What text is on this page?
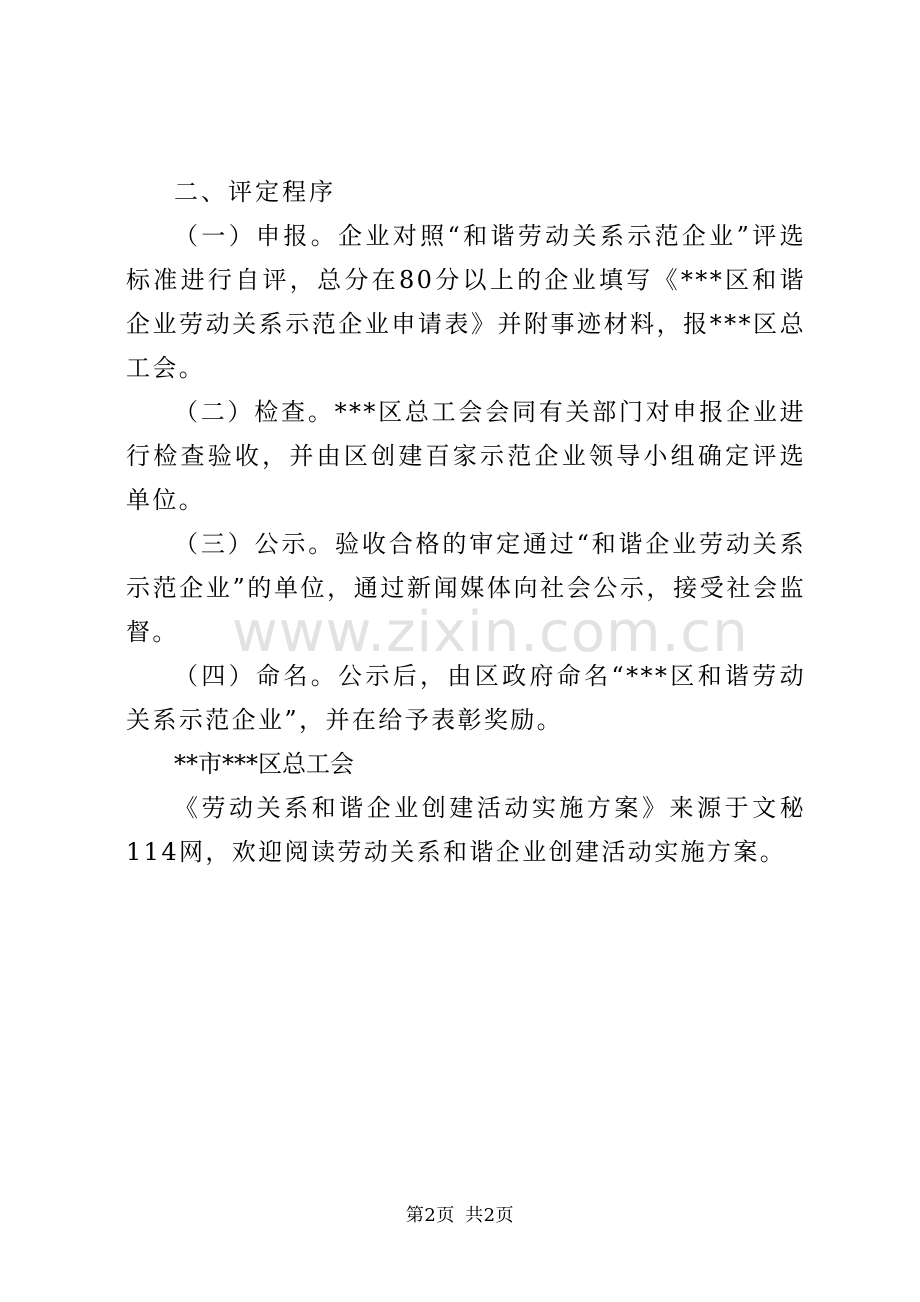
二、评定程序

（一）申报。企业对照“和谐劳动关系示范企业”评选标准进行自评，总分在80分以上的企业填写《***区和谐企业劳动关系示范企业申请表》并附事迹材料，报***区总工会。

（二）检查。***区总工会会同有关部门对申报企业进行检查验收，并由区创建百家示范企业领导小组确定评选单位。

（三）公示。验收合格的审定通过“和谐企业劳动关系示范企业”的单位，通过新闻媒体向社会公示，接受社会监督。

（四）命名。公示后，由区政府命名“***区和谐劳动关系示范企业”，并在给予表彰奖励。

**市***区总工会

《劳动关系和谐企业创建活动实施方案》来源于文秘114网，欢迎阅读劳动关系和谐企业创建活动实施方案。

www.zixin.com.cn
第2页 共2页
